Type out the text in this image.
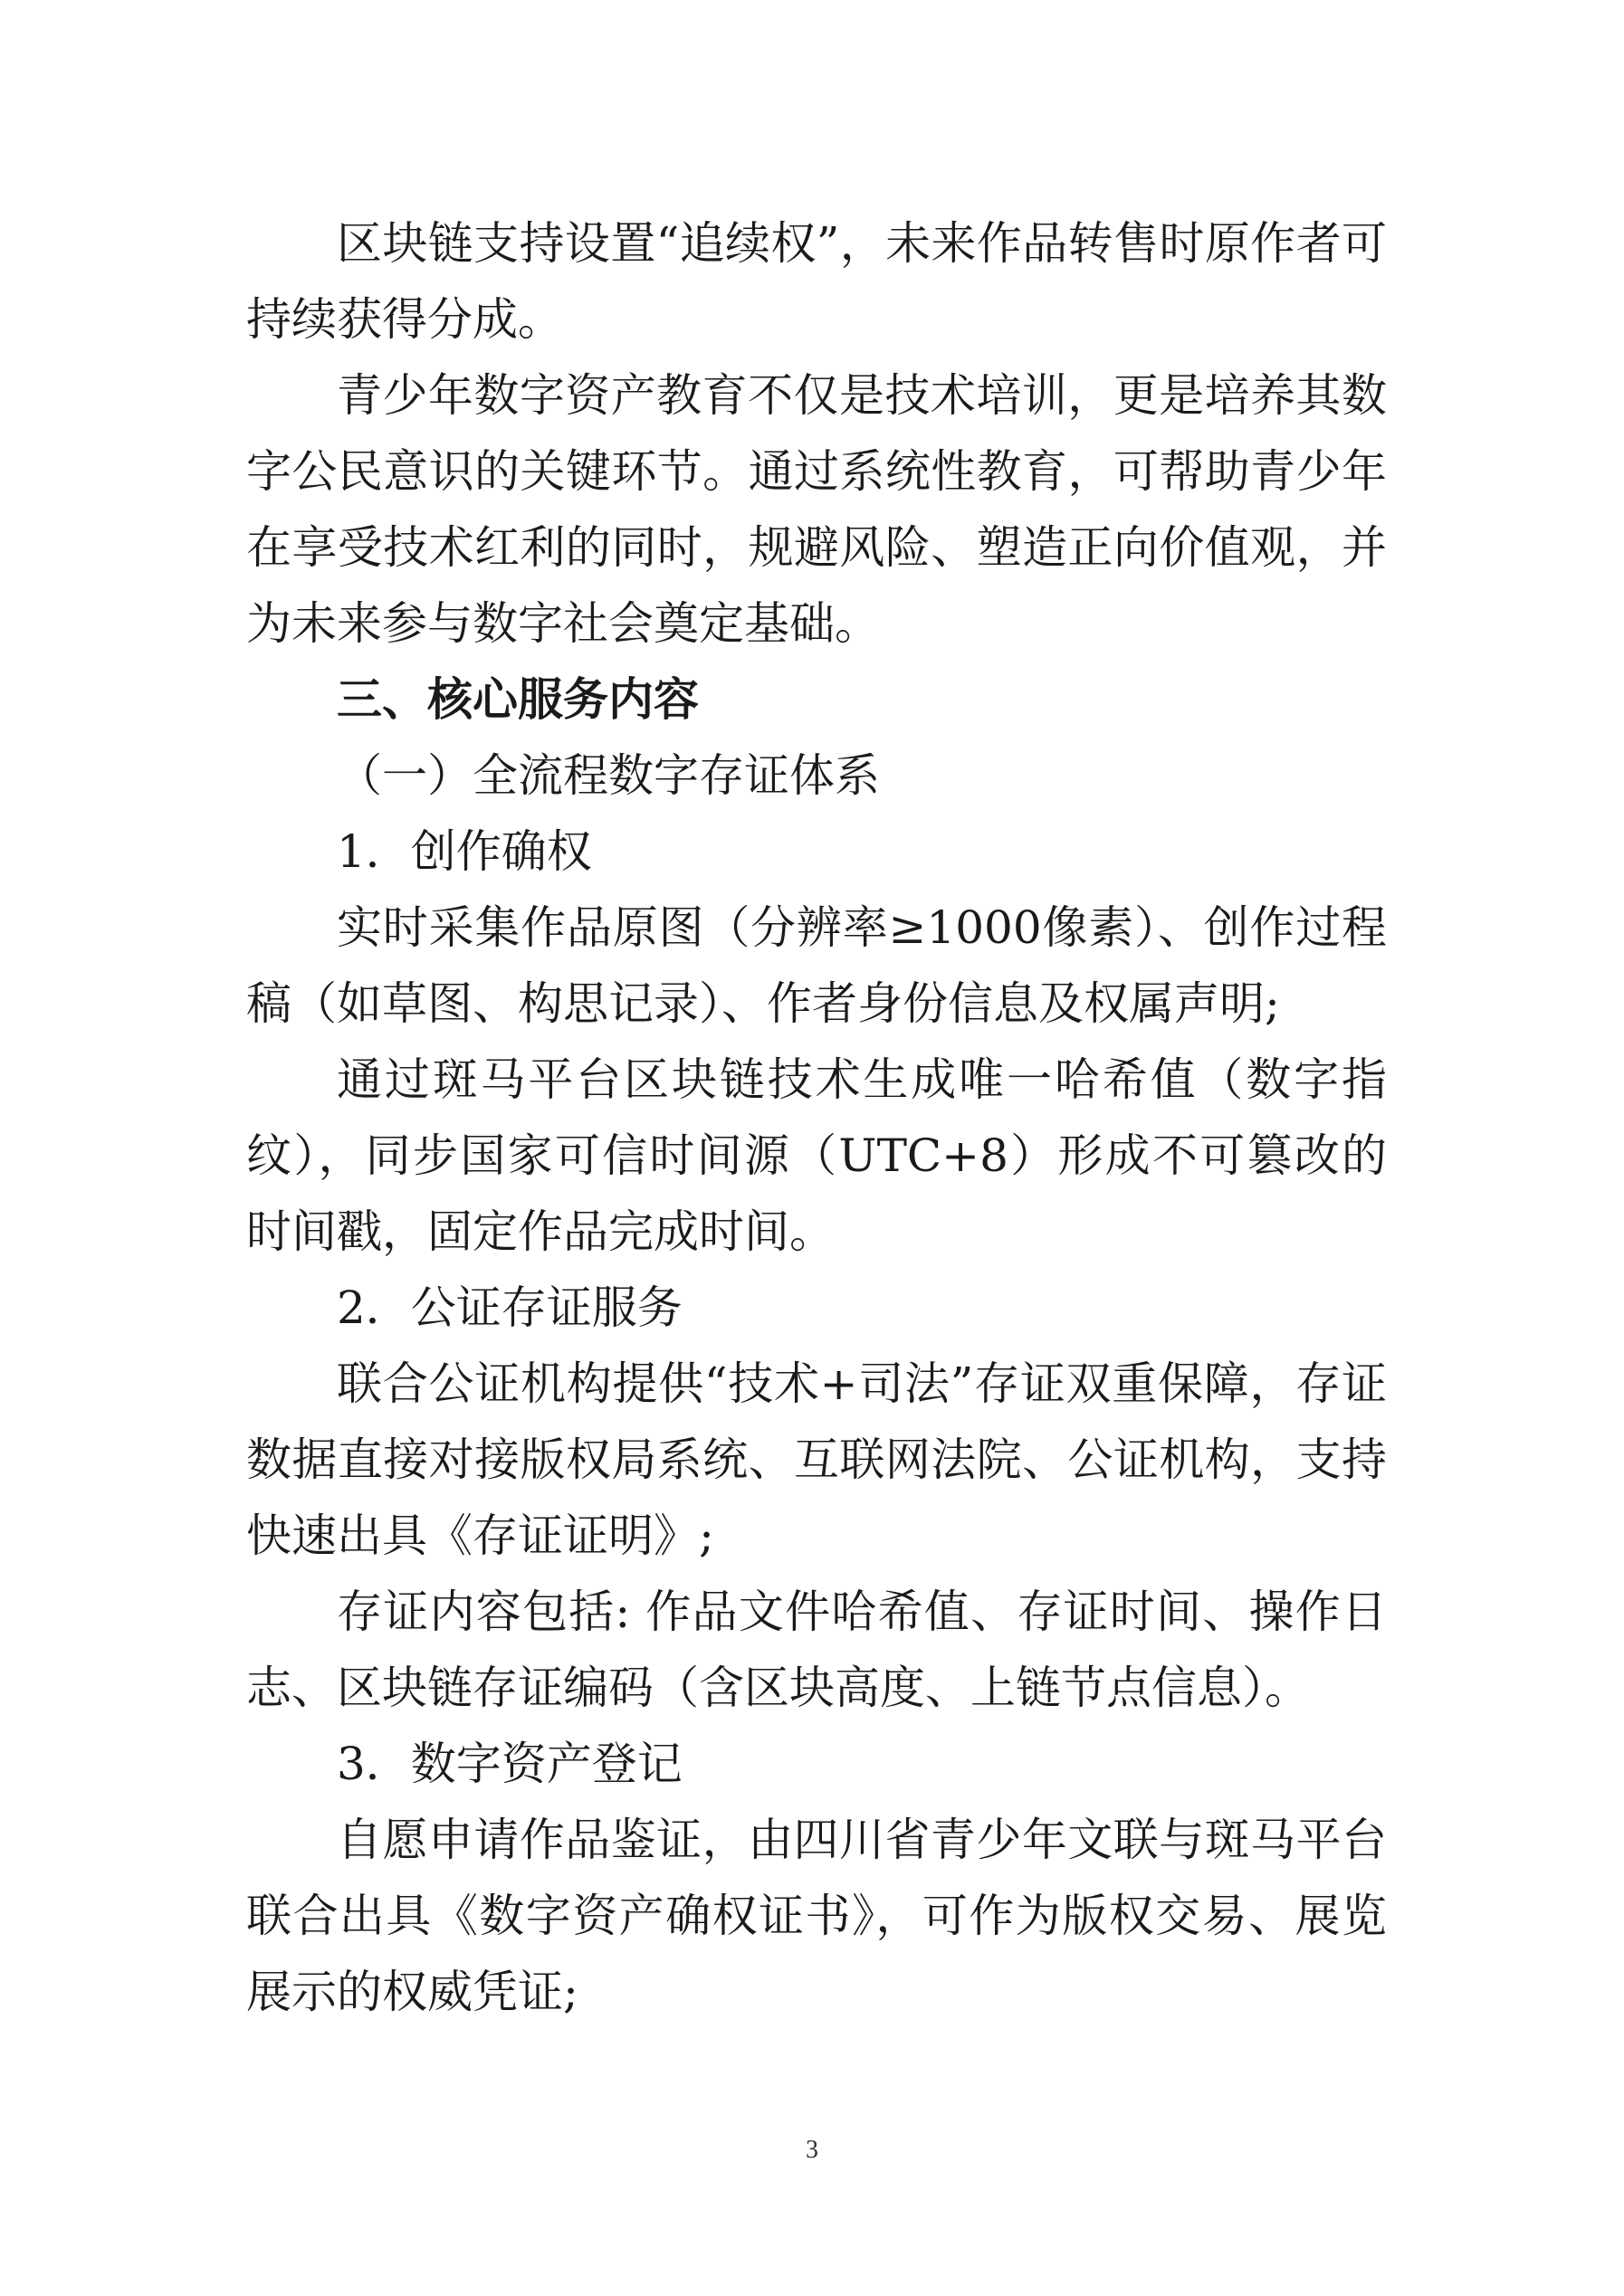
区块链支持设置“追续权”，未来作品转售时原作者可持续获得分成。

青少年数字资产教育不仅是技术培训，更是培养其数字公民意识的关键环节。通过系统性教育，可帮助青少年在享受技术红利的同时，规避风险、塑造正向价值观，并为未来参与数字社会奠定基础。

三、核心服务内容

（一）全流程数字存证体系

1．创作确权

实时采集作品原图（分辨率≥1000像素）、创作过程稿（如草图、构思记录）、作者身份信息及权属声明;

通过斑马平台区块链技术生成唯一哈希值（数字指纹），同步国家可信时间源（UTC+8）形成不可篡改的时间戳，固定作品完成时间。

2．公证存证服务

联合公证机构提供“技术+司法”存证双重保障，存证数据直接对接版权局系统、互联网法院、公证机构，支持快速出具《存证证明》;

存证内容包括: 作品文件哈希值、存证时间、操作日志、区块链存证编码（含区块高度、上链节点信息）。

3．数字资产登记

自愿申请作品鉴证，由四川省青少年文联与斑马平台联合出具《数字资产确权证书》，可作为版权交易、展览展示的权威凭证;

3
